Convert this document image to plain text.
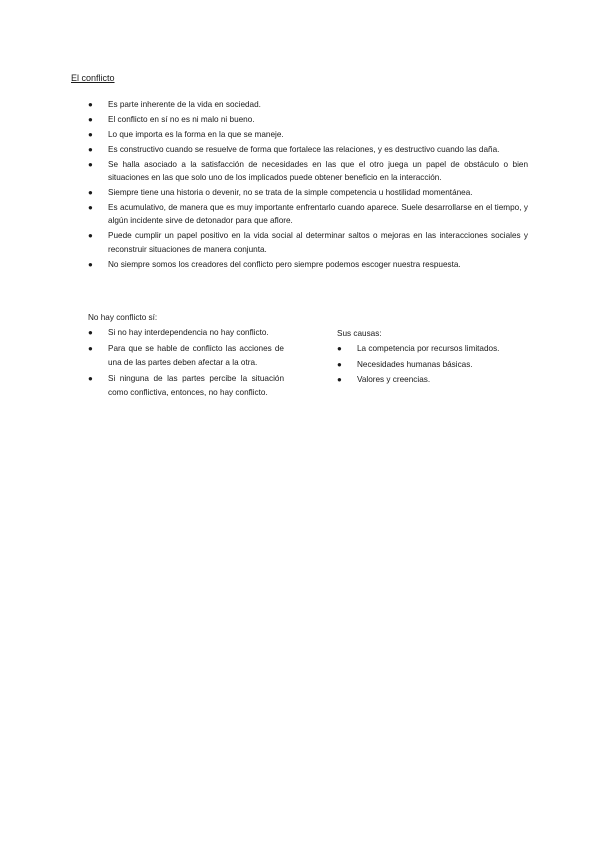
El conflicto
● Es parte inherente de la vida en sociedad.
● El conflicto en sí no es ni malo ni bueno.
● Lo que importa es la forma en la que se maneje.
● Es constructivo cuando se resuelve de forma que fortalece las relaciones, y es destructivo cuando las daña.
● Se halla asociado a la satisfacción de necesidades en las que el otro juega un papel de obstáculo o bien situaciones en las que solo uno de los implicados puede obtener beneficio en la interacción.
● Siempre tiene una historia o devenir, no se trata de la simple competencia u hostilidad momentánea.
● Es acumulativo, de manera que es muy importante enfrentarlo cuando aparece. Suele desarrollarse en el tiempo, y algún incidente sirve de detonador para que aflore.
● Puede cumplir un papel positivo en la vida social al determinar saltos o mejoras en las interacciones sociales y reconstruir situaciones de manera conjunta.
● No siempre somos los creadores del conflicto pero siempre podemos escoger nuestra respuesta.
No hay conflicto sí:
● Si no hay interdependencia no hay conflicto.
● Para que se hable de conflicto las acciones de una de las partes deben afectar a la otra.
● Si ninguna de las partes percibe la situación como conflictiva, entonces, no hay conflicto.
Sus causas:
● La competencia por recursos limitados.
● Necesidades humanas básicas.
● Valores y creencias.
